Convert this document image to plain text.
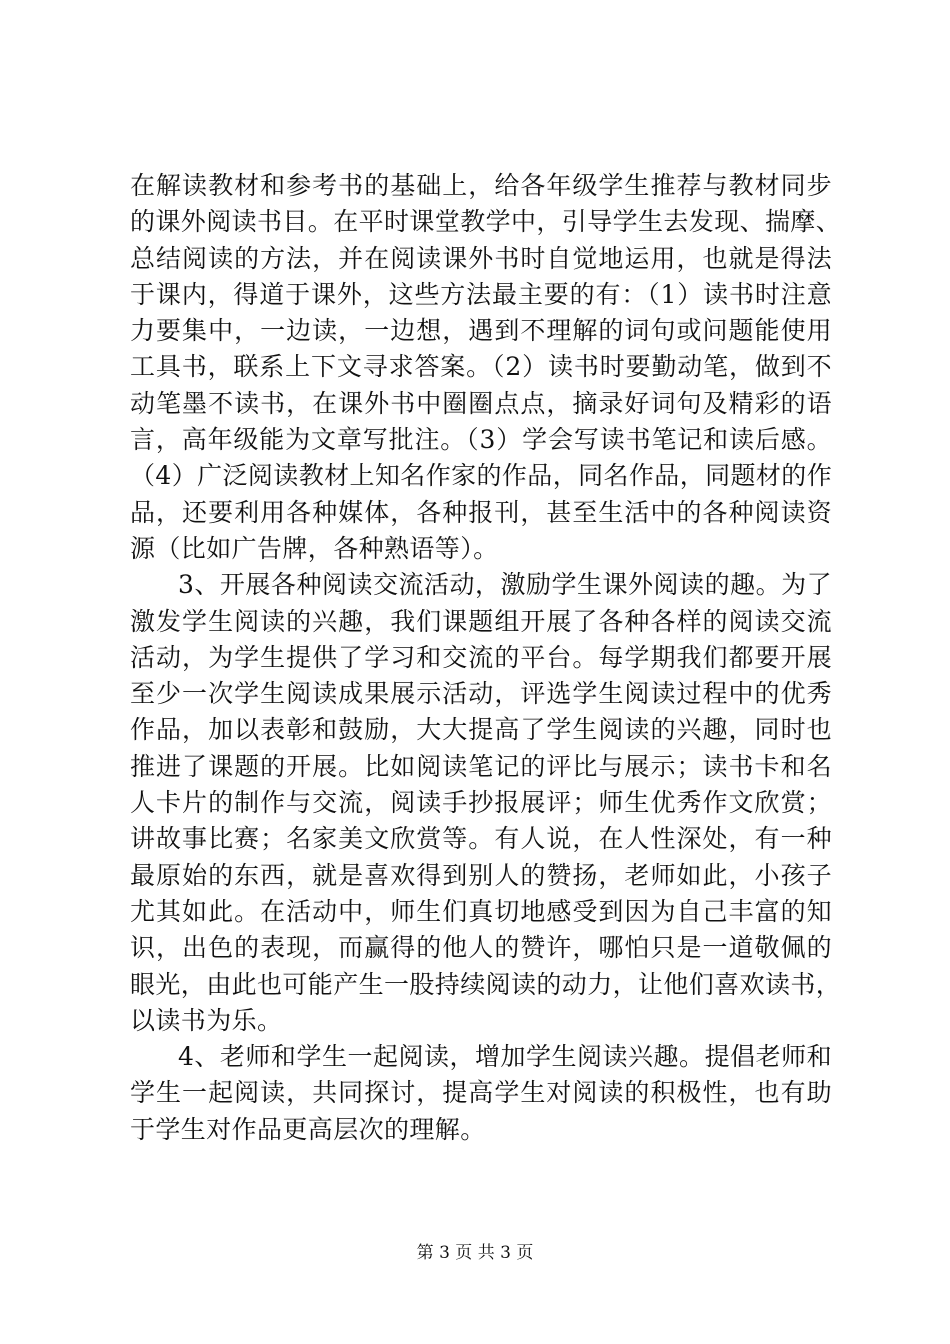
在解读教材和参考书的基础上，给各年级学生推荐与教材同步
的课外阅读书目。在平时课堂教学中，引导学生去发现、揣摩、
总结阅读的方法，并在阅读课外书时自觉地运用，也就是得法
于课内，得道于课外，这些方法最主要的有：（1）读书时注意
力要集中，一边读，一边想，遇到不理解的词句或问题能使用
工具书，联系上下文寻求答案。（2）读书时要勤动笔，做到不
动笔墨不读书，在课外书中圈圈点点，摘录好词句及精彩的语
言，高年级能为文章写批注。（3）学会写读书笔记和读后感。
（4）广泛阅读教材上知名作家的作品，同名作品，同题材的作
品，还要利用各种媒体，各种报刊，甚至生活中的各种阅读资
源（比如广告牌，各种熟语等）。
3、开展各种阅读交流活动，激励学生课外阅读的趣。为了
激发学生阅读的兴趣，我们课题组开展了各种各样的阅读交流
活动，为学生提供了学习和交流的平台。每学期我们都要开展
至少一次学生阅读成果展示活动，评选学生阅读过程中的优秀
作品，加以表彰和鼓励，大大提高了学生阅读的兴趣，同时也
推进了课题的开展。比如阅读笔记的评比与展示；读书卡和名
人卡片的制作与交流，阅读手抄报展评；师生优秀作文欣赏；
讲故事比赛；名家美文欣赏等。有人说，在人性深处，有一种
最原始的东西，就是喜欢得到别人的赞扬，老师如此，小孩子
尤其如此。在活动中，师生们真切地感受到因为自己丰富的知
识，出色的表现，而赢得的他人的赞许，哪怕只是一道敬佩的
眼光，由此也可能产生一股持续阅读的动力，让他们喜欢读书，
以读书为乐。
4、老师和学生一起阅读，增加学生阅读兴趣。提倡老师和
学生一起阅读，共同探讨，提高学生对阅读的积极性，也有助
于学生对作品更高层次的理解。
第 3 页 共 3 页
